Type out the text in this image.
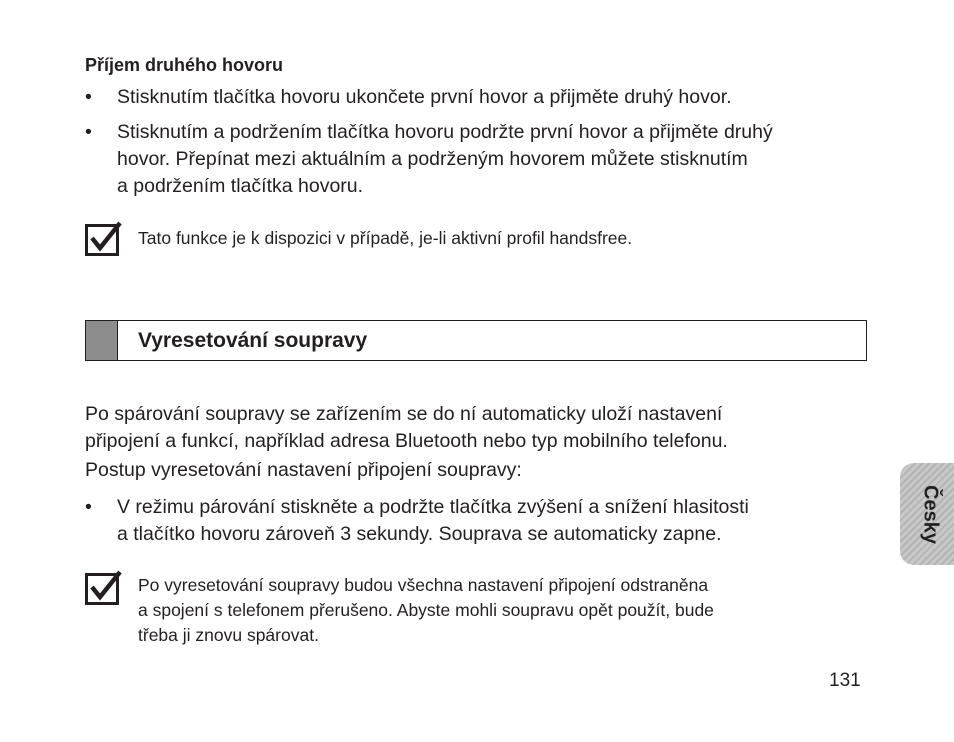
Příjem druhého hovoru
• Stisknutím tlačítka hovoru ukončete první hovor a přijměte druhý hovor.
• Stisknutím a podržením tlačítka hovoru podržte první hovor a přijměte druhý
hovor. Přepínat mezi aktuálním a podrženým hovorem můžete stisknutím
a podržením tlačítka hovoru.
Tato funkce je k dispozici v případě, je-li aktivní profil handsfree.
Vyresetování soupravy
Po spárování soupravy se zařízením se do ní automaticky uloží nastavení
připojení a funkcí, například adresa Bluetooth nebo typ mobilního telefonu.
Postup vyresetování nastavení připojení soupravy:
• V režimu párování stiskněte a podržte tlačítka zvýšení a snížení hlasitosti
a tlačítko hovoru zároveň 3 sekundy. Souprava se automaticky zapne.
Po vyresetování soupravy budou všechna nastavení připojení odstraněna
a spojení s telefonem přerušeno. Abyste mohli soupravu opět použít, bude
třeba ji znovu spárovat.
Česky
131
